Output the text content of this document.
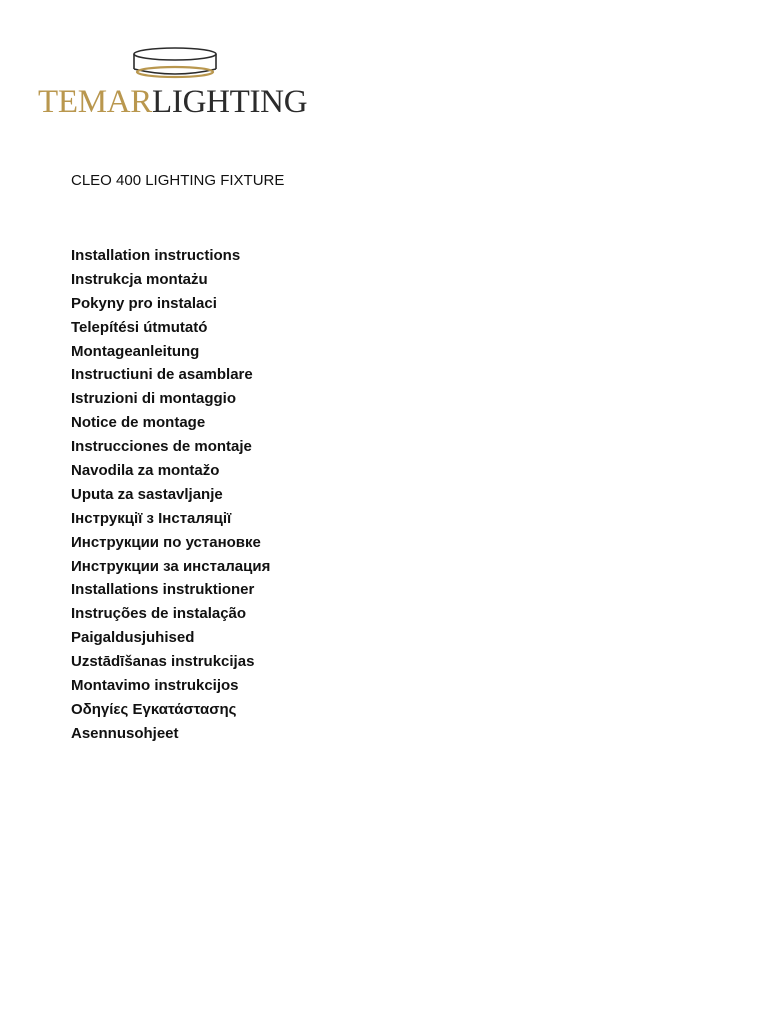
TEMARLIGHTING
CLEO 400 LIGHTING FIXTURE
Installation instructions
Instrukcja montażu
Pokyny pro instalaci
Telepítési útmutató
Montageanleitung
Instructiuni de asamblare
Istruzioni di montaggio
Notice de montage
Instrucciones de montaje
Navodila za montažo
Uputa za sastavljanje
Інструкції з Інсталяції
Инструкции по установке
Инструкции за инсталация
Installations instruktioner
Instruções de instalação
Paigaldusjuhised
Uzstādīšanas instrukcijas
Montavimo instrukcijos
Οδηγίες Εγκατάστασης
Asennusohjeet
